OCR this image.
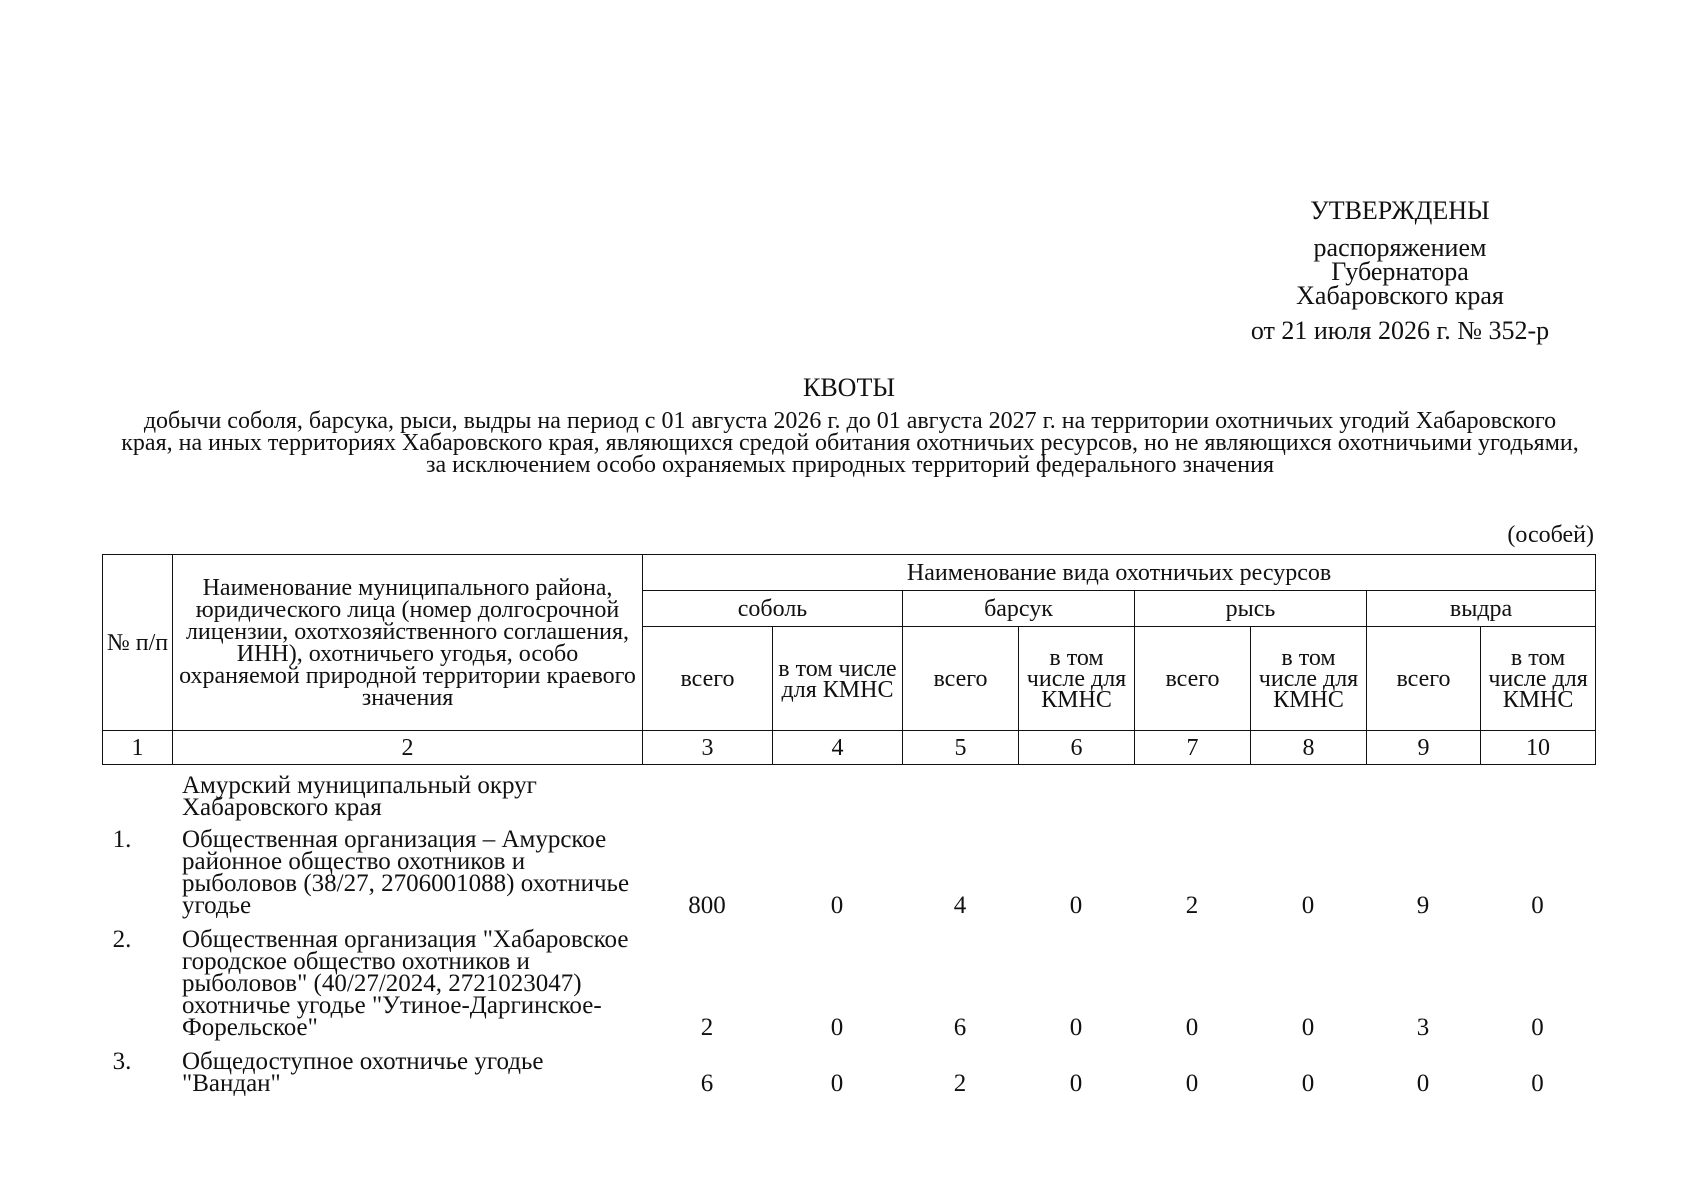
УТВЕРЖДЕНЫ
распоряжением
Губернатора
Хабаровского края
от 21 июля 2026 г. № 352-р
КВОТЫ
добычи соболя, барсука, рыси, выдры на период с 01 августа 2026 г. до 01 августа 2027 г. на территории охотничьих угодий Хабаровского края, на иных территориях Хабаровского края, являющихся средой обитания охотничьих ресурсов, но не являющихся охотничьими угодьями, за исключением особо охраняемых природных территорий федерального значения
(особей)
№ п/п	Наименование муниципального района, юридического лица (номер долгосрочной лицензии, охотхозяйственного соглашения, ИНН), охотничьего угодья, особо охраняемой природной территории краевого значения	Наименование вида охотничьих ресурсов							
		соболь		барсук		рысь		выдра	
		всего	в том числе для КМНС	всего	в том числе для КМНС	всего	в том числе для КМНС	всего	в том числе для КМНС
1	2	3	4	5	6	7	8	9	10
	Амурский муниципальный округ Хабаровского края								
1.	Общественная организация – Амурское районное общество охотников и рыболовов (38/27, 2706001088) охотничье угодье	800	0	4	0	2	0	9	0
2.	Общественная организация "Хабаровское городское общество охотников и рыболовов" (40/27/2024, 2721023047) охотничье угодье "Утиное-Даргинское-Форельское"	2	0	6	0	0	0	3	0
3.	Общедоступное охотничье угодье "Вандан"	6	0	2	0	0	0	0	0
